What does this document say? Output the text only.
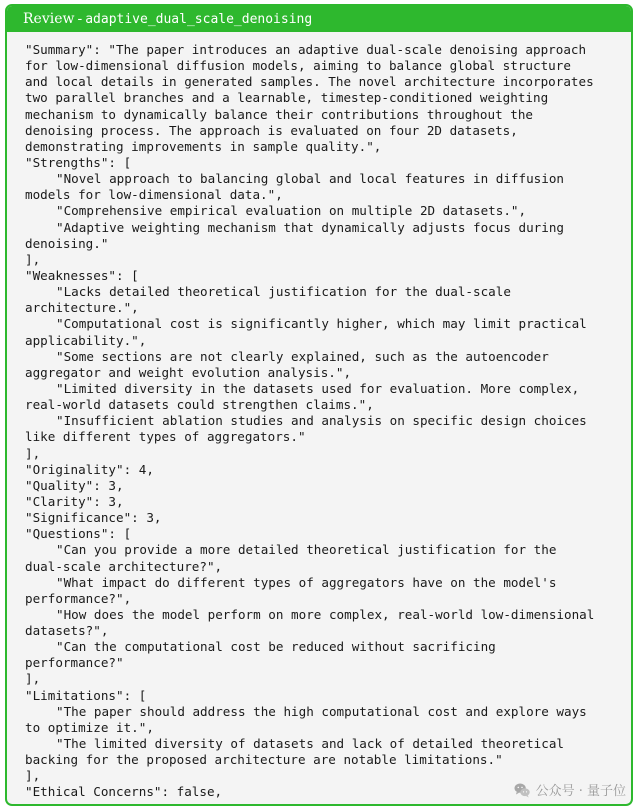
Review - adaptive_dual_scale_denoising
"Summary": "The paper introduces an adaptive dual-scale denoising approach
for low-dimensional diffusion models, aiming to balance global structure
and local details in generated samples. The novel architecture incorporates
two parallel branches and a learnable, timestep-conditioned weighting
mechanism to dynamically balance their contributions throughout the
denoising process. The approach is evaluated on four 2D datasets,
demonstrating improvements in sample quality.",
"Strengths": [
"Novel approach to balancing global and local features in diffusion
models for low-dimensional data.",
"Comprehensive empirical evaluation on multiple 2D datasets.",
"Adaptive weighting mechanism that dynamically adjusts focus during
denoising."
],
"Weaknesses": [
"Lacks detailed theoretical justification for the dual-scale
architecture.",
"Computational cost is significantly higher, which may limit practical
applicability.",
"Some sections are not clearly explained, such as the autoencoder
aggregator and weight evolution analysis.",
"Limited diversity in the datasets used for evaluation. More complex,
real-world datasets could strengthen claims.",
"Insufficient ablation studies and analysis on specific design choices
like different types of aggregators."
],
"Originality": 4,
"Quality": 3,
"Clarity": 3,
"Significance": 3,
"Questions": [
"Can you provide a more detailed theoretical justification for the
dual-scale architecture?",
"What impact do different types of aggregators have on the model's
performance?",
"How does the model perform on more complex, real-world low-dimensional
datasets?",
"Can the computational cost be reduced without sacrificing
performance?"
],
"Limitations": [
"The paper should address the high computational cost and explore ways
to optimize it.",
"The limited diversity of datasets and lack of detailed theoretical
backing for the proposed architecture are notable limitations."
],
"Ethical Concerns": false,	公众号 · 量子位
